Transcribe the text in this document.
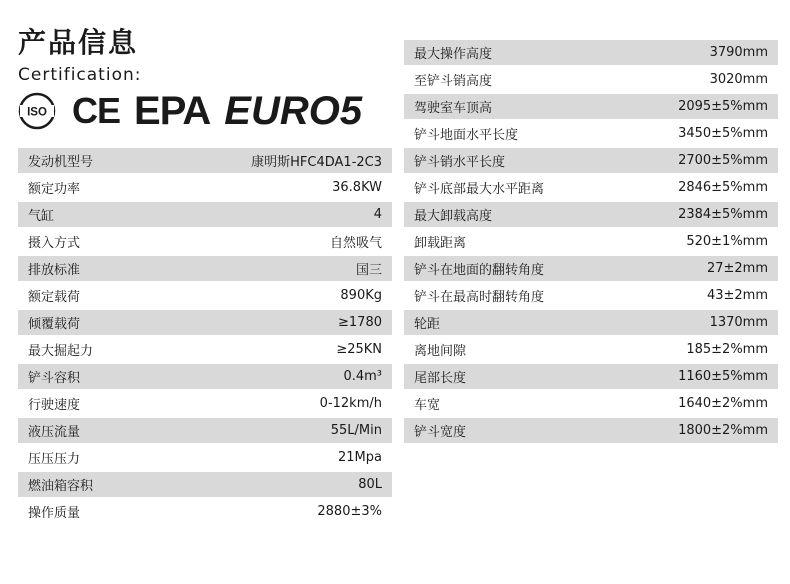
产品信息
Certification:
ISO CE EPA EURO5
发动机型号	康明斯HFC4DA1-2C3
额定功率	36.8KW
气缸	4
摄入方式	自然吸气
排放标准	国三
额定载荷	890Kg
倾覆载荷	≥1780
最大掘起力	≥25KN
铲斗容积	0.4m³
行驶速度	0-12km/h
液压流量	55L/Min
压压压力	21Mpa
燃油箱容积	80L
操作质量	2880±3%
最大操作高度	3790mm
至铲斗销高度	3020mm
驾驶室车顶高	2095±5%mm
铲斗地面水平长度	3450±5%mm
铲斗销水平长度	2700±5%mm
铲斗底部最大水平距离	2846±5%mm
最大卸载高度	2384±5%mm
卸载距离	520±1%mm
铲斗在地面的翻转角度	27±2mm
铲斗在最高时翻转角度	43±2mm
轮距	1370mm
离地间隙	185±2%mm
尾部长度	1160±5%mm
车宽	1640±2%mm
铲斗宽度	1800±2%mm
